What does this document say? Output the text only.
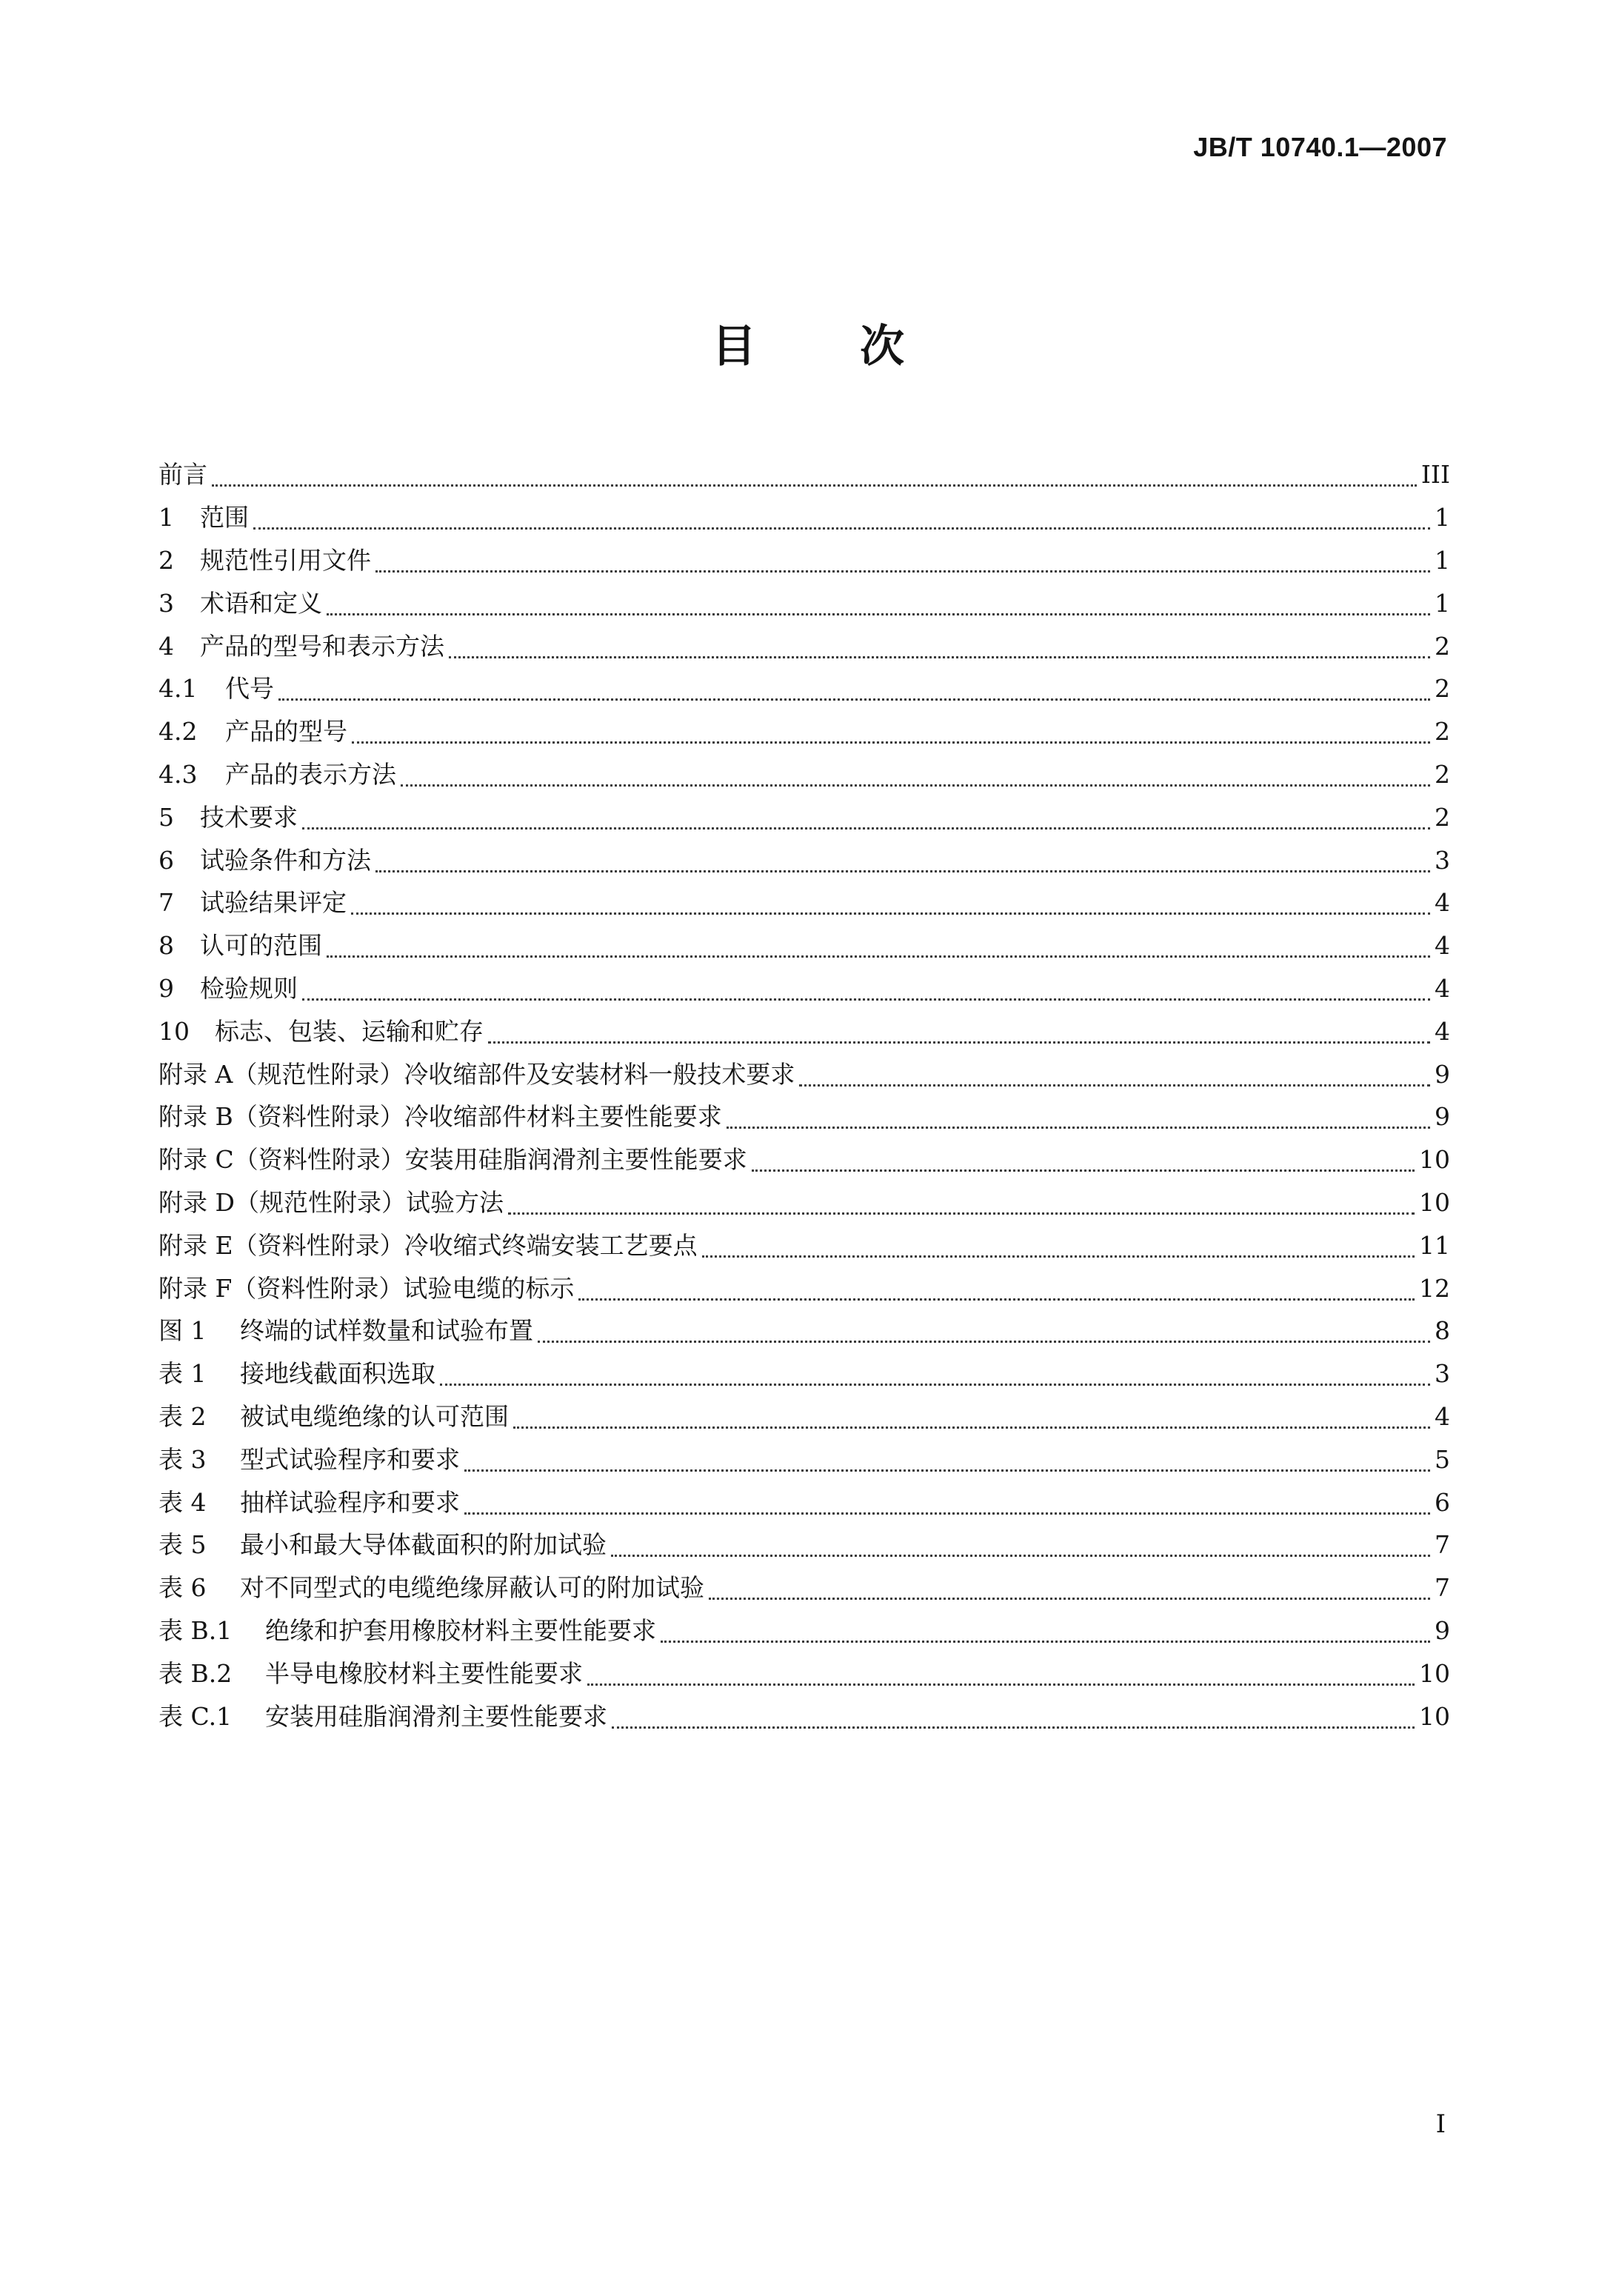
JB/T 10740.1—2007
目次
前言	III
1	范围	1
2	规范性引用文件	1
3	术语和定义	1
4	产品的型号和表示方法	2
4.1	代号	2
4.2	产品的型号	2
4.3	产品的表示方法	2
5	技术要求	2
6	试验条件和方法	3
7	试验结果评定	4
8	认可的范围	4
9	检验规则	4
10	标志、包装、运输和贮存	4
附录 A（规范性附录）冷收缩部件及安装材料一般技术要求	9
附录 B（资料性附录）冷收缩部件材料主要性能要求	9
附录 C（资料性附录）安装用硅脂润滑剂主要性能要求	10
附录 D（规范性附录）试验方法	10
附录 E（资料性附录）冷收缩式终端安装工艺要点	11
附录 F（资料性附录）试验电缆的标示	12
图 1	终端的试样数量和试验布置	8
表 1	接地线截面积选取	3
表 2	被试电缆绝缘的认可范围	4
表 3	型式试验程序和要求	5
表 4	抽样试验程序和要求	6
表 5	最小和最大导体截面积的附加试验	7
表 6	对不同型式的电缆绝缘屏蔽认可的附加试验	7
表 B.1	绝缘和护套用橡胶材料主要性能要求	9
表 B.2	半导电橡胶材料主要性能要求	10
表 C.1	安装用硅脂润滑剂主要性能要求	10
I
